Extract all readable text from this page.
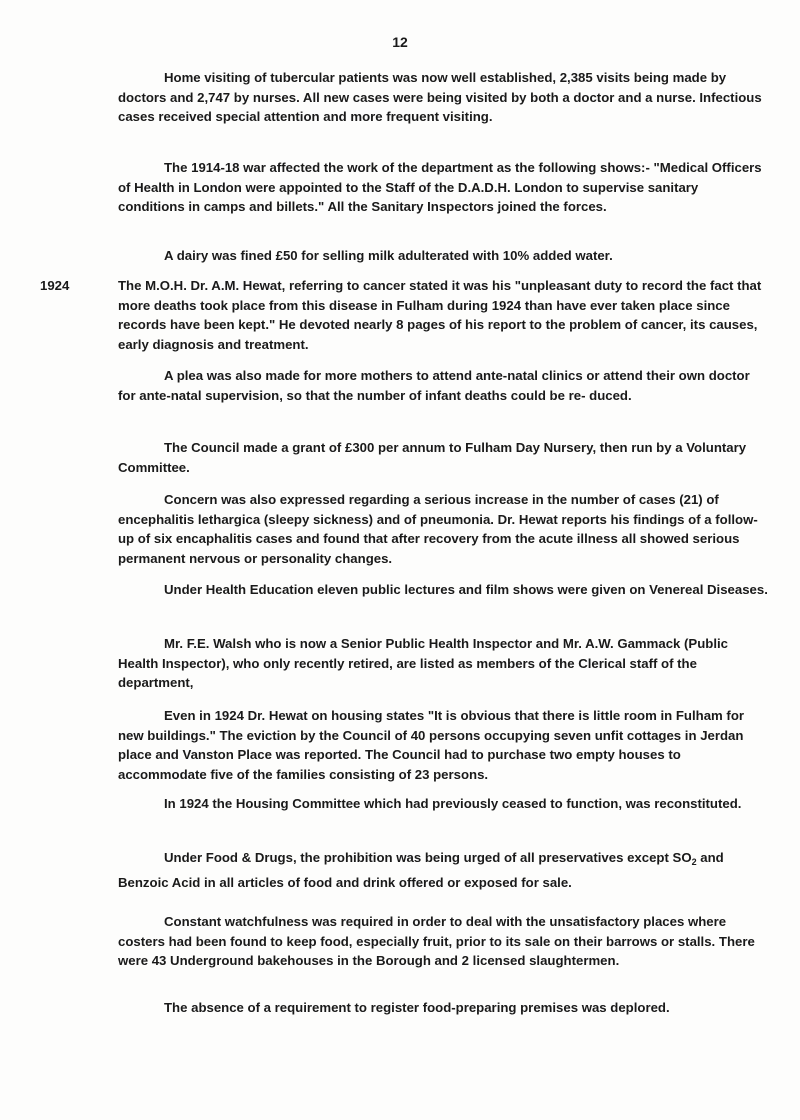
12

Home visiting of tubercular patients was now well established, 2,385 visits being made by doctors and 2,747 by nurses. All new cases were being visited by both a doctor and a nurse. Infectious cases received special attention and more frequent visiting.

The 1914-18 war affected the work of the department as the following shows:- "Medical Officers of Health in London were appointed to the Staff of the D.A.D.H. London to supervise sanitary conditions in camps and billets." All the Sanitary Inspectors joined the forces.

A dairy was fined £50 for selling milk adulterated with 10% added water.

1924	The M.O.H. Dr. A.M. Hewat, referring to cancer stated it was his "unpleasant duty to record the fact that more deaths took place from this disease in Fulham during 1924 than have ever taken place since records have been kept." He devoted nearly 8 pages of his report to the problem of cancer, its causes, early diagnosis and treatment.

A plea was also made for more mothers to attend ante-natal clinics or attend their own doctor for ante-natal supervision, so that the number of infant deaths could be re- duced.

The Council made a grant of £300 per annum to Fulham Day Nursery, then run by a Voluntary Committee.

Concern was also expressed regarding a serious increase in the number of cases (21) of encephalitis lethargica (sleepy sickness) and of pneumonia. Dr. Hewat reports his findings of a follow-up of six encaphalitis cases and found that after recovery from the acute illness all showed serious permanent nervous or personality changes.

Under Health Education eleven public lectures and film shows were given on Venereal Diseases.

Mr. F.E. Walsh who is now a Senior Public Health Inspector and Mr. A.W. Gammack (Public Health Inspector), who only recently retired, are listed as members of the Clerical staff of the department,

Even in 1924 Dr. Hewat on housing states "It is obvious that there is little room in Fulham for new buildings." The eviction by the Council of 40 persons occupying seven unfit cottages in Jerdan place and Vanston Place was reported. The Council had to purchase two empty houses to accommodate five of the families consisting of 23 persons.

In 1924 the Housing Committee which had previously ceased to function, was reconstituted.

Under Food & Drugs, the prohibition was being urged of all preservatives except $SO_2$ and Benzoic Acid in all articles of food and drink offered or exposed for sale.

Constant watchfulness was required in order to deal with the unsatisfactory places where costers had been found to keep food, especially fruit, prior to its sale on their barrows or stalls. There were 43 Underground bakehouses in the Borough and 2 licensed slaughtermen.

The absence of a requirement to register food-preparing premises was deplored.
